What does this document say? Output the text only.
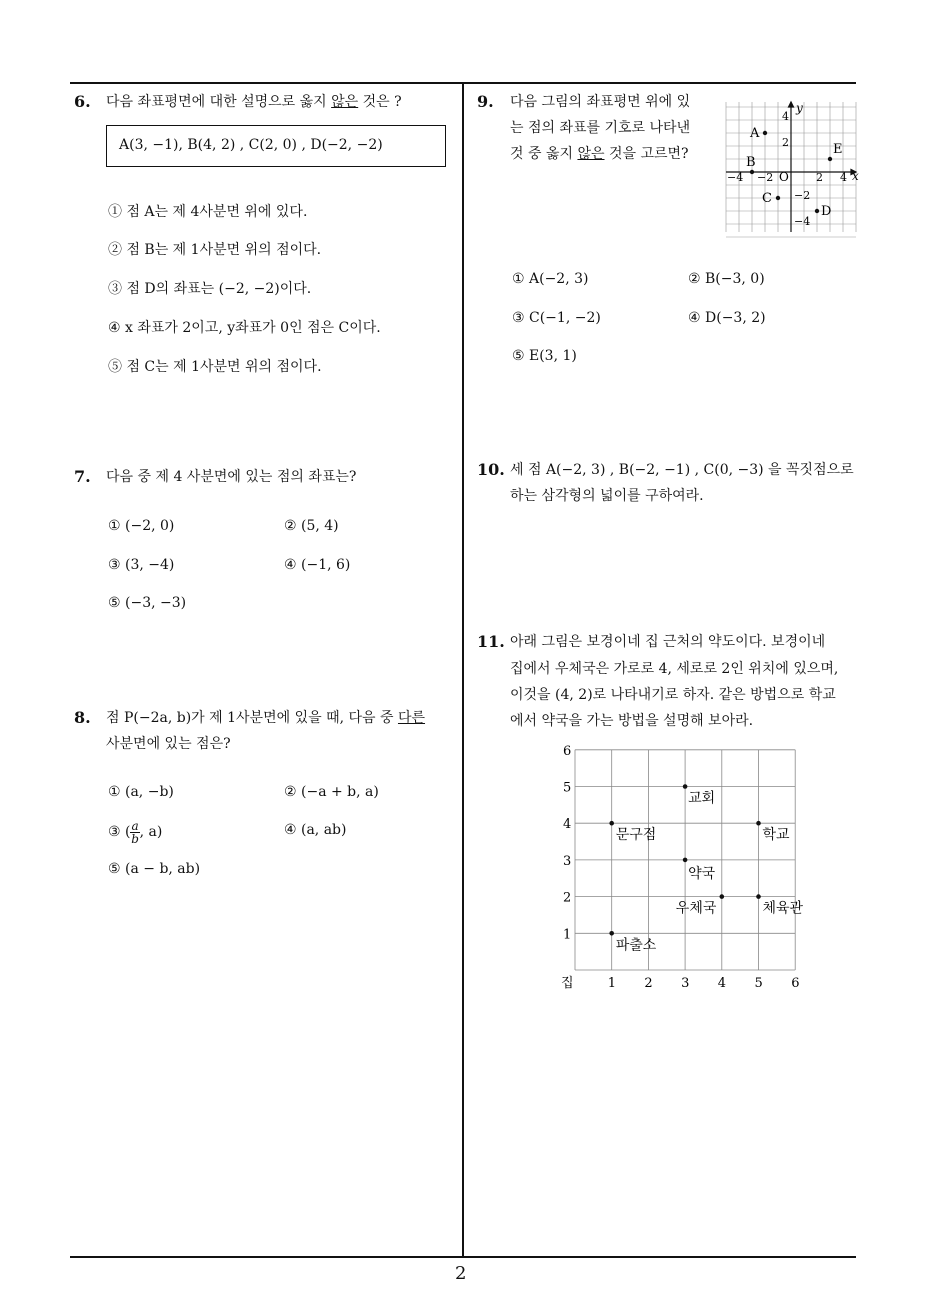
2
6. 다음 좌표평면에 대한 설명으로 옳지 않은 것은 ?
A(3, −1), B(4, 2) , C(2, 0) , D(−2, −2)
① 점 A는 제 4사분면 위에 있다.
② 점 B는 제 1사분면 위의 점이다.
③ 점 D의 좌표는 (−2, −2)이다.
④ x 좌표가 2이고, y좌표가 0인 점은 C이다.
⑤ 점 C는 제 1사분면 위의 점이다.
7. 다음 중 제 4 사분면에 있는 점의 좌표는?
① (−2, 0)	② (5, 4)
③ (3, −4)	④ (−1, 6)
⑤ (−3, −3)
8. 점 P(−2a, b)가 제 1사분면에 있을 때, 다음 중 다른
사분면에 있는 점은?
① (a, −b)	② (−a + b, a)
③ ( $\frac{a}{b}$ , a)	④ (a, ab)
⑤ (a − b, ab)
9. 다음 그림의 좌표평면 위에 있
는 점의 좌표를 기호로 나타낸
것 중 옳지 않은 것을 고르면?
x
y
O
−4 −2	2 4
4
2
−2
−4
A
B
C
D
E
① A(−2, 3)	② B(−3, 0)
③ C(−1, −2)	④ D(−3, 2)
⑤ E(3, 1)
10. 세 점 A(−2, 3) , B(−2, −1) , C(0, −3) 을 꼭짓점으로
하는 삼각형의 넓이를 구하여라.
11. 아래 그림은 보경이네 집 근처의 약도이다. 보경이네
집에서 우체국은 가로로 4, 세로로 2인 위치에 있으며,
이것을 (4, 2)로 나타내기로 하자. 같은 방법으로 학교
에서 약국을 가는 방법을 설명해 보아라.
1 2 3 4 5 6
1
2
3
4
5
6
집
교회
문구점	학교
약국
우체국	체육관
파출소
